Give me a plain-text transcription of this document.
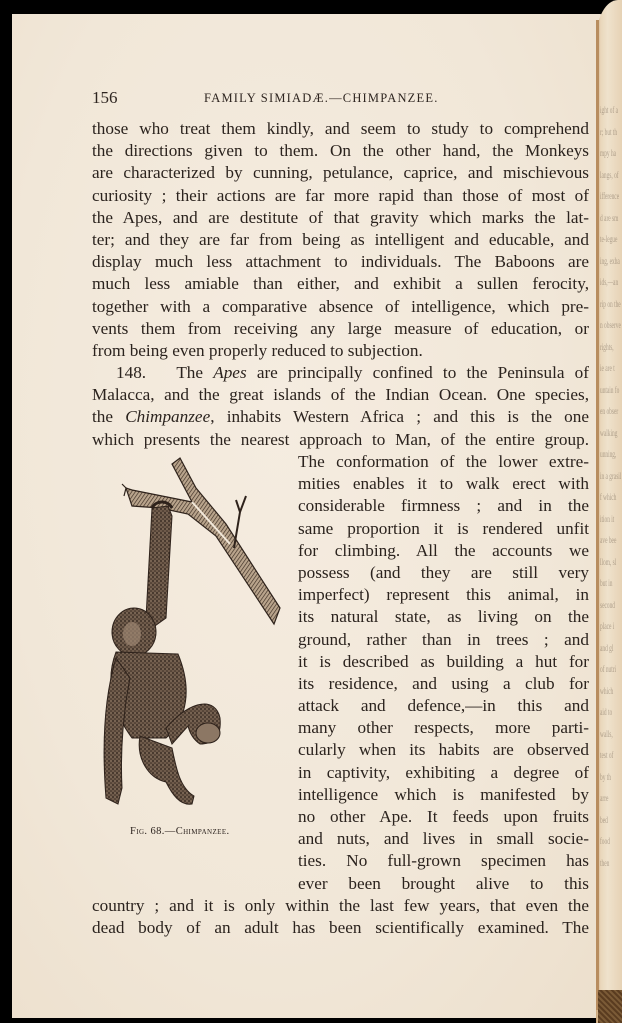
ight of a
r; but th
mpy ha
langs, of
ifference
d are sm
te-legue
ing, exha
ids,—an
rip on the
n observe
rights,
ie are t
untain fo
en obser
walking
unning,
in a grasil
f which
ition it
ave bee
llom, sl
but in
second
place i
and gl
of nutri
which
aid to
walls,
test of
by th
arre
bed
food
then
156	FAMILY SIMIADÆ.—CHIMPANZEE.
those who treat them kindly, and seem to study to comprehend
the directions given to them. On the other hand, the Monkeys
are characterized by cunning, petulance, caprice, and mischievous
curiosity ; their actions are far more rapid than those of most of
the Apes, and are destitute of that gravity which marks the lat-
ter; and they are far from being as intelligent and educable, and
display much less attachment to individuals. The Baboons are
much less amiable than either, and exhibit a sullen ferocity,
together with a comparative absence of intelligence, which pre-
vents them from receiving any large measure of education, or
from being even properly reduced to subjection.
148. The Apes are principally confined to the Peninsula of
Malacca, and the great islands of the Indian Ocean. One species,
the Chimpanzee, inhabits Western Africa ; and this is the one
which presents the nearest approach to Man, of the entire group.
The conformation of the lower extre-
mities enables it to walk erect with
considerable firmness ; and in the
same proportion it is rendered unfit
for climbing. All the accounts we
possess (and they are still very
imperfect) represent this animal, in
its natural state, as living on the
ground, rather than in trees ; and
it is described as building a hut for
its residence, and using a club for
attack and defence,—in this and
many other respects, more parti-
cularly when its habits are observed
in captivity, exhibiting a degree of
intelligence which is manifested by
no other Ape. It feeds upon fruits
and nuts, and lives in small socie-
ties. No full-grown specimen has
ever been brought alive to this
country ; and it is only within the last few years, that even the
dead body of an adult has been scientifically examined. The
Fig. 68.—Chimpanzee.
